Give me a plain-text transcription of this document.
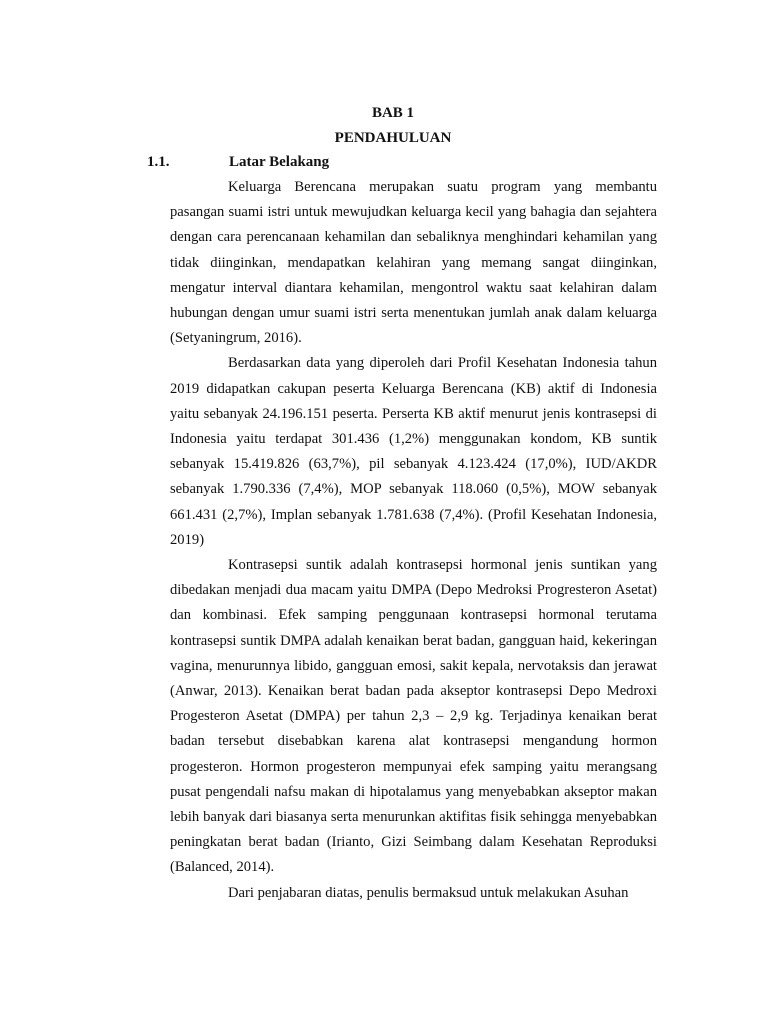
BAB 1
PENDAHULUAN
1.1.	Latar Belakang

Keluarga Berencana merupakan suatu program yang membantu pasangan suami istri untuk mewujudkan keluarga kecil yang bahagia dan sejahtera dengan cara perencanaan kehamilan dan sebaliknya menghindari kehamilan yang tidak diinginkan, mendapatkan kelahiran yang memang sangat diinginkan, mengatur interval diantara kehamilan, mengontrol waktu saat kelahiran dalam hubungan dengan umur suami istri serta menentukan jumlah anak dalam keluarga (Setyaningrum, 2016).

Berdasarkan data yang diperoleh dari Profil Kesehatan Indonesia tahun 2019 didapatkan cakupan peserta Keluarga Berencana (KB) aktif di Indonesia yaitu sebanyak 24.196.151 peserta. Perserta KB aktif menurut jenis kontrasepsi di Indonesia yaitu terdapat 301.436 (1,2%) menggunakan kondom, KB suntik sebanyak 15.419.826 (63,7%), pil sebanyak 4.123.424 (17,0%), IUD/AKDR sebanyak 1.790.336 (7,4%), MOP sebanyak 118.060 (0,5%), MOW sebanyak 661.431 (2,7%), Implan sebanyak 1.781.638 (7,4%). (Profil Kesehatan Indonesia, 2019)

Kontrasepsi suntik adalah kontrasepsi hormonal jenis suntikan yang dibedakan menjadi dua macam yaitu DMPA (Depo Medroksi Progresteron Asetat) dan kombinasi. Efek samping penggunaan kontrasepsi hormonal terutama kontrasepsi suntik DMPA adalah kenaikan berat badan, gangguan haid, kekeringan vagina, menurunnya libido, gangguan emosi, sakit kepala, nervotaksis dan jerawat (Anwar, 2013). Kenaikan berat badan pada akseptor kontrasepsi Depo Medroxi Progesteron Asetat (DMPA) per tahun 2,3 – 2,9 kg. Terjadinya kenaikan berat badan tersebut disebabkan karena alat kontrasepsi mengandung hormon progesteron. Hormon progesteron mempunyai efek samping yaitu merangsang pusat pengendali nafsu makan di hipotalamus yang menyebabkan akseptor makan lebih banyak dari biasanya serta menurunkan aktifitas fisik sehingga menyebabkan peningkatan berat badan (Irianto, Gizi Seimbang dalam Kesehatan Reproduksi (Balanced, 2014).

Dari penjabaran diatas, penulis bermaksud untuk melakukan Asuhan
